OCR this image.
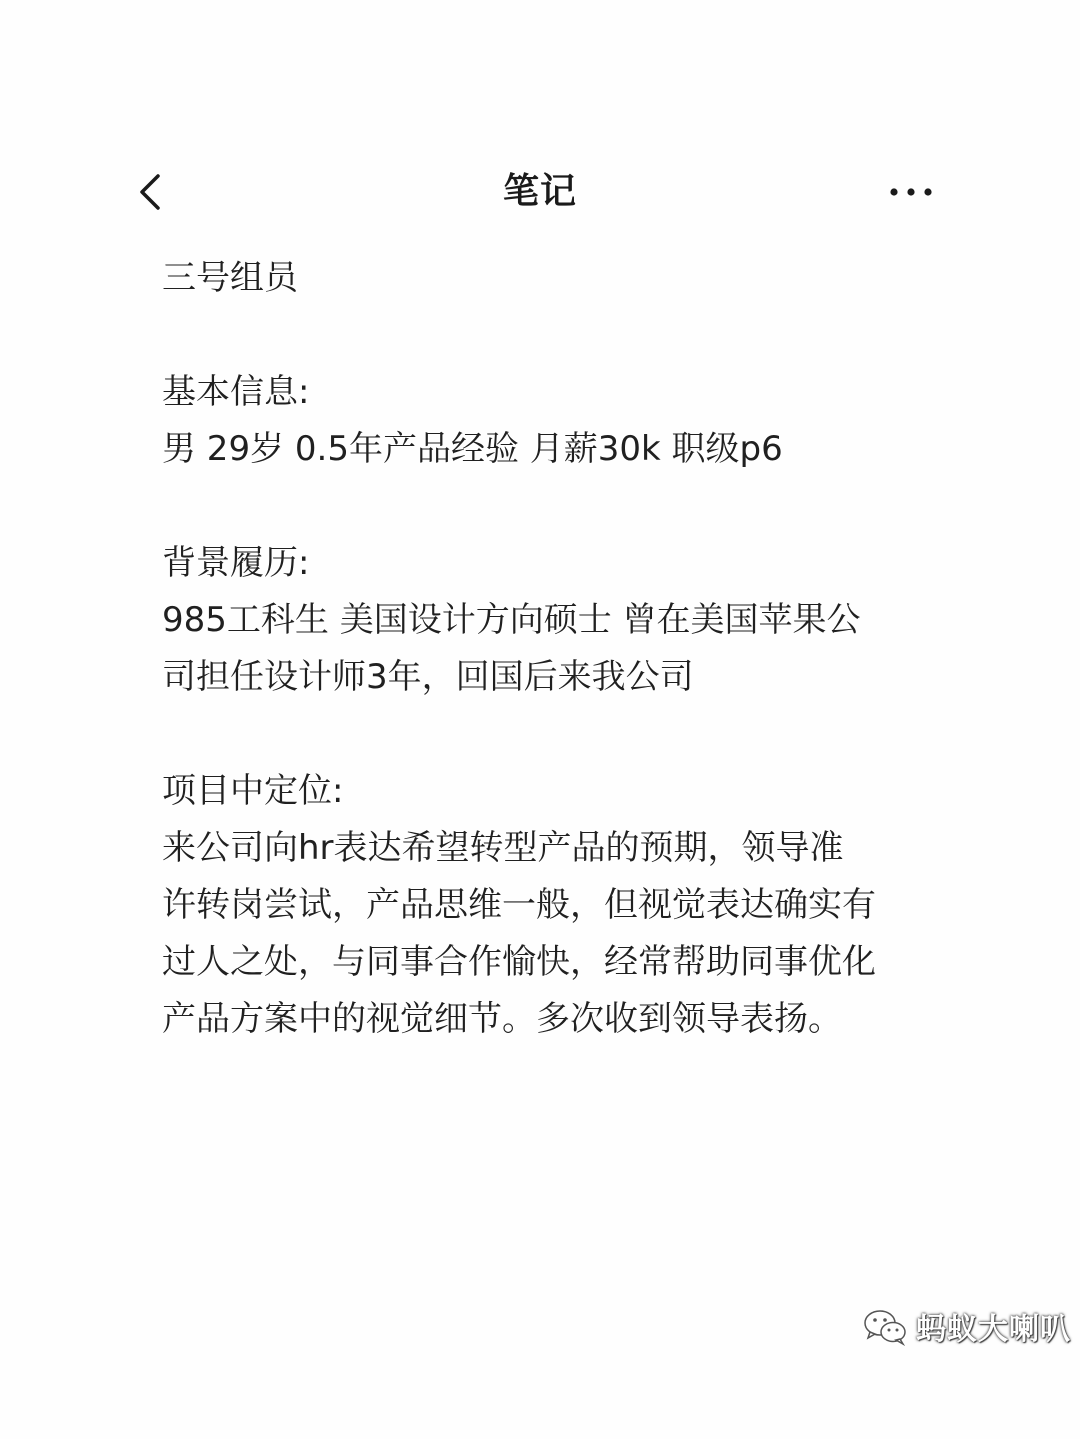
笔记

三号组员

基本信息:

男 29岁 0.5年产品经验 月薪30k 职级p6

背景履历:

985工科生 美国设计方向硕士 曾在美国苹果公

司担任设计师3年，回国后来我公司

项目中定位:

来公司向hr表达希望转型产品的预期，领导准

许转岗尝试，产品思维一般，但视觉表达确实有

过人之处，与同事合作愉快，经常帮助同事优化

产品方案中的视觉细节。多次收到领导表扬。

蚂蚁大喇叭
